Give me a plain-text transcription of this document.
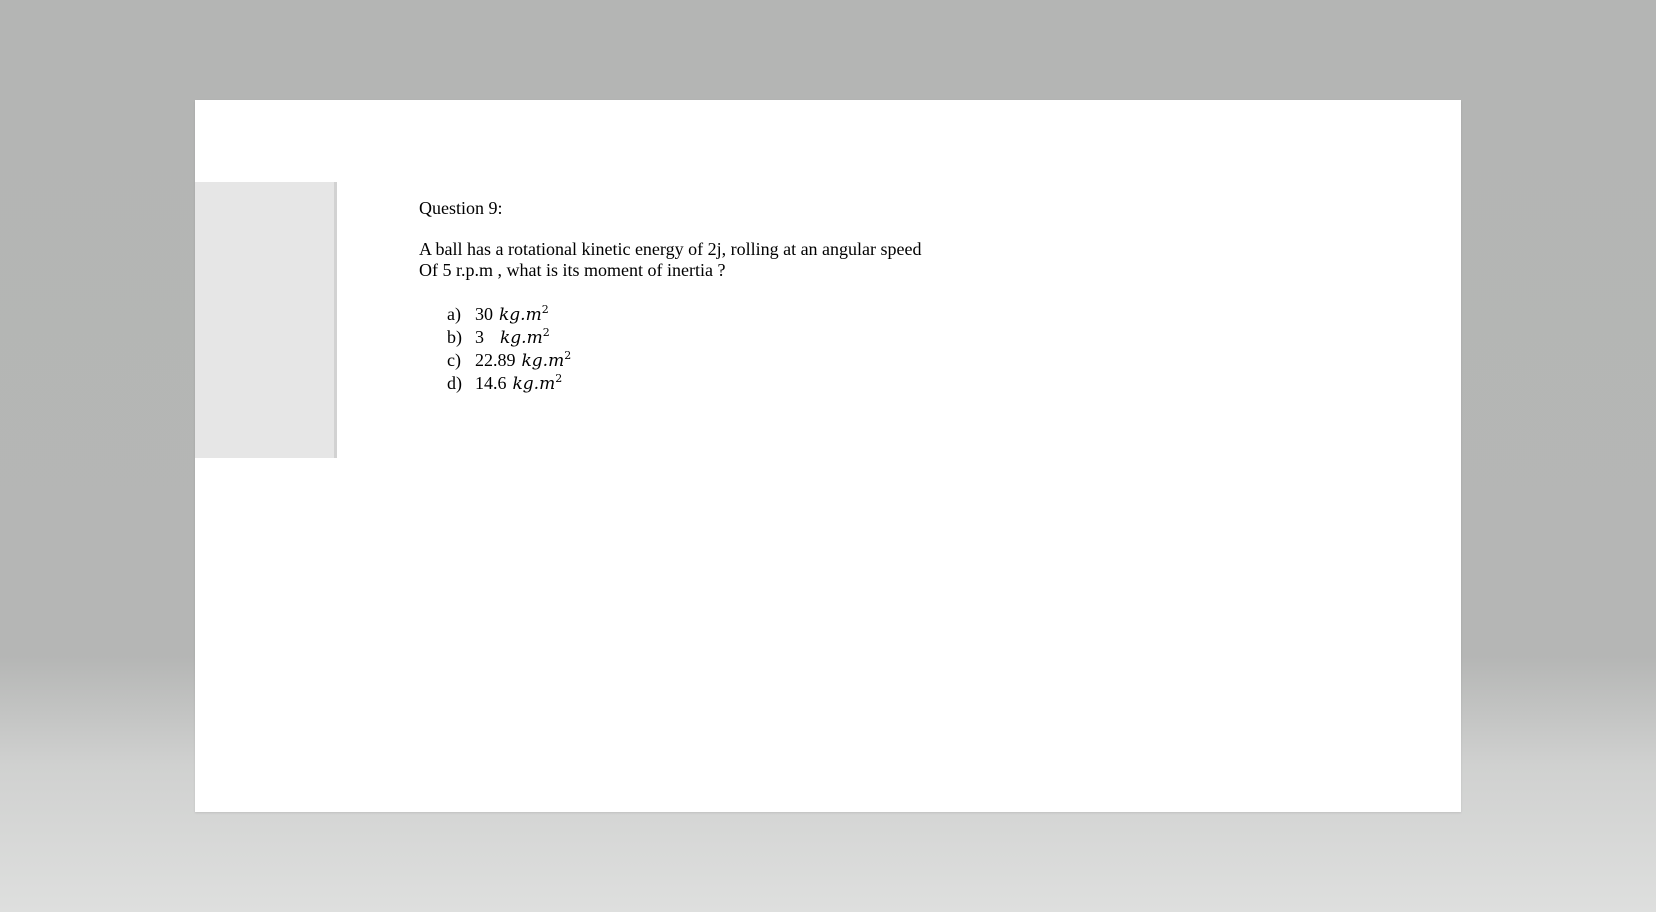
Question 9:

A ball has a rotational kinetic energy of 2j, rolling at an angular speed
Of 5 r.p.m , what is its moment of inertia ?

a) 30 $kg.m^2$
b) 3 $kg.m^2$
c) 22.89 $kg.m^2$
d) 14.6 $kg.m^2$
